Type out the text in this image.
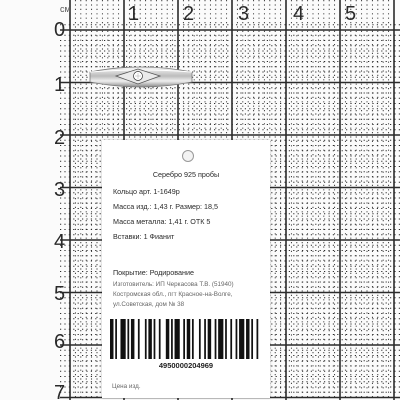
см	1 2 3 4 5
0
1
2
3
4
5
6
7
Серебро 925 пробы
Кольцо арт. 1-1649р
Масса изд.: 1,43 г. Размер: 18,5
Масса металла: 1,41 г. ОТК 5
Вставки: 1 Фианит
Покрытие: Родирование
Изготовитель: ИП Черкасова Т.В. (51940)
Костромская обл., пгт Красное-на-Волге,
ул.Советская, дом № 38
4950000204969
Цена изд.
